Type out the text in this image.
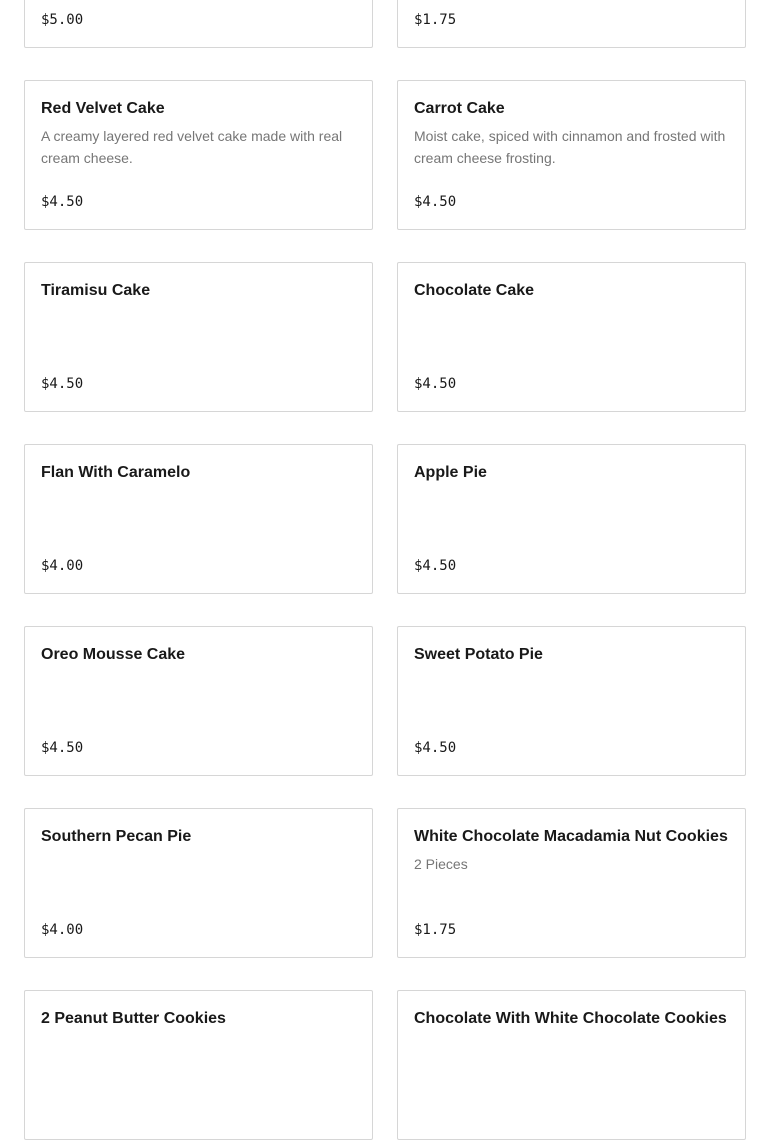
$5.00	$1.75
Red Velvet Cake
A creamy layered red velvet cake made with real cream cheese.
$4.50
Carrot Cake
Moist cake, spiced with cinnamon and frosted with cream cheese frosting.
$4.50
Tiramisu Cake
$4.50
Chocolate Cake
$4.50
Flan With Caramelo
$4.00
Apple Pie
$4.50
Oreo Mousse Cake
$4.50
Sweet Potato Pie
$4.50
Southern Pecan Pie
$4.00
White Chocolate Macadamia Nut Cookies
2 Pieces
$1.75
2 Peanut Butter Cookies	Chocolate With White Chocolate Cookies
